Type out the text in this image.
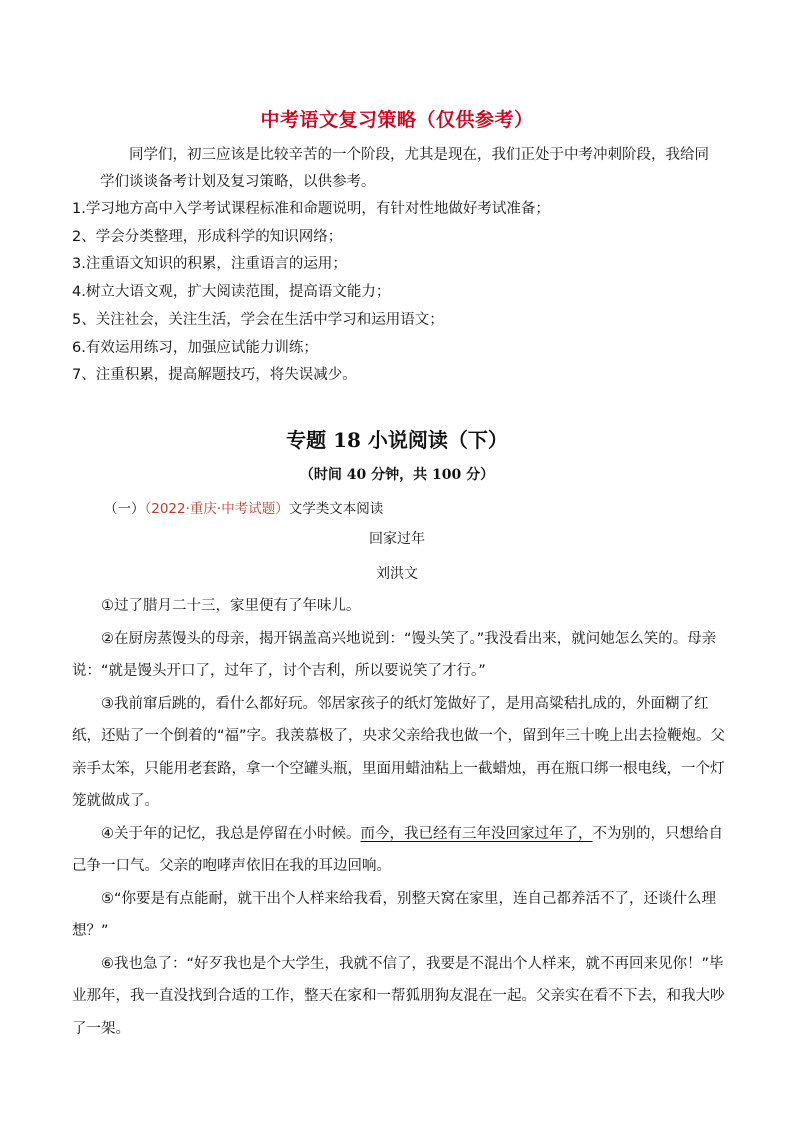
中考语文复习策略（仅供参考）
同学们，初三应该是比较辛苦的一个阶段，尤其是现在，我们正处于中考冲刺阶段，我给同学们谈谈备考计划及复习策略，以供参考。
1.学习地方高中入学考试课程标准和命题说明，有针对性地做好考试准备；
2、学会分类整理，形成科学的知识网络；
3.注重语文知识的积累，注重语言的运用；
4.树立大语文观，扩大阅读范围，提高语文能力；
5、关注社会，关注生活，学会在生活中学习和运用语文；
6.有效运用练习，加强应试能力训练；
7、注重积累，提高解题技巧，将失误减少。
专题 18 小说阅读（下）
（时间 40 分钟，共 100 分）
（一）（2022·重庆·中考试题）文学类文本阅读
回家过年
刘洪文

①过了腊月二十三，家里便有了年味儿。

②在厨房蒸馒头的母亲，揭开锅盖高兴地说到：“馒头笑了。”我没看出来，就问她怎么笑的。母亲说：“就是馒头开口了，过年了，讨个吉利，所以要说笑了才行。”

③我前窜后跳的，看什么都好玩。邻居家孩子的纸灯笼做好了，是用高粱秸扎成的，外面糊了红纸，还贴了一个倒着的“福”字。我羡慕极了，央求父亲给我也做一个，留到年三十晚上出去捡鞭炮。父亲手太笨，只能用老套路，拿一个空罐头瓶，里面用蜡油粘上一截蜡烛，再在瓶口绑一根电线，一个灯笼就做成了。

④关于年的记忆，我总是停留在小时候。而今，我已经有三年没回家过年了，不为别的，只想给自己争一口气。父亲的咆哮声依旧在我的耳边回响。

⑤“你要是有点能耐，就干出个人样来给我看，别整天窝在家里，连自己都养活不了，还谈什么理想？”

⑥我也急了：“好歹我也是个大学生，我就不信了，我要是不混出个人样来，就不再回来见你！”毕业那年，我一直没找到合适的工作，整天在家和一帮狐朋狗友混在一起。父亲实在看不下去，和我大吵了一架。
